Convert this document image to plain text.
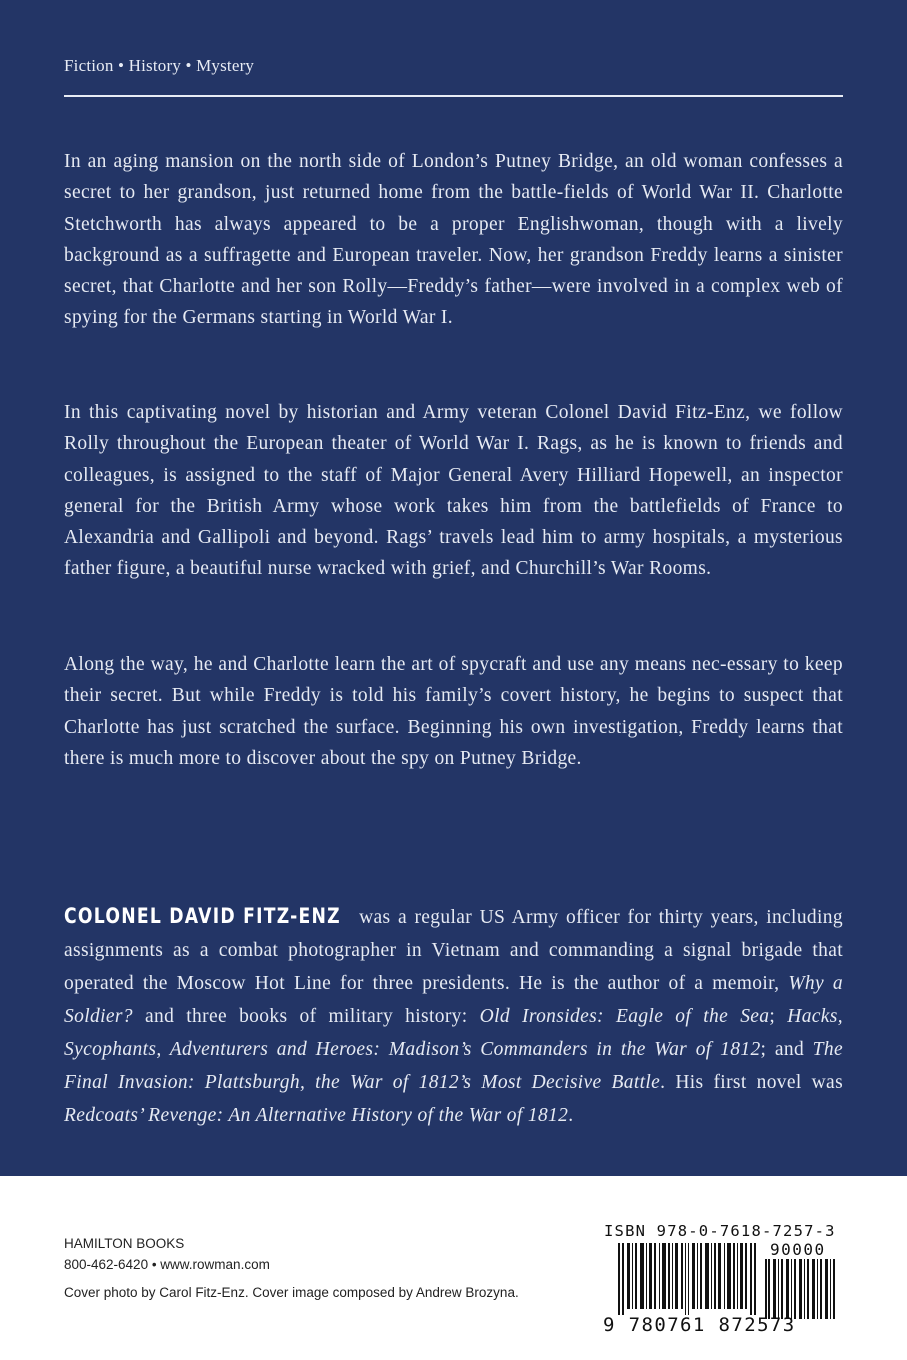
Fiction • History • Mystery

In an aging mansion on the north side of London’s Putney Bridge, an old woman confesses a secret to her grandson, just returned home from the battle-fields of World War II. Charlotte Stetchworth has always appeared to be a proper Englishwoman, though with a lively background as a suffragette and European traveler. Now, her grandson Freddy learns a sinister secret, that Charlotte and her son Rolly—Freddy’s father—were involved in a complex web of spying for the Germans starting in World War I.

In this captivating novel by historian and Army veteran Colonel David Fitz-Enz, we follow Rolly throughout the European theater of World War I. Rags, as he is known to friends and colleagues, is assigned to the staff of Major General Avery Hilliard Hopewell, an inspector general for the British Army whose work takes him from the battlefields of France to Alexandria and Gallipoli and beyond. Rags’ travels lead him to army hospitals, a mysterious father figure, a beautiful nurse wracked with grief, and Churchill’s War Rooms.

Along the way, he and Charlotte learn the art of spycraft and use any means nec-essary to keep their secret. But while Freddy is told his family’s covert history, he begins to suspect that Charlotte has just scratched the surface. Beginning his own investigation, Freddy learns that there is much more to discover about the spy on Putney Bridge.

COLONEL DAVID FITZ-ENZ was a regular US Army officer for thirty years, including assignments as a combat photographer in Vietnam and commanding a signal brigade that operated the Moscow Hot Line for three presidents. He is the author of a memoir, Why a Soldier? and three books of military history: Old Ironsides: Eagle of the Sea; Hacks, Sycophants, Adventurers and Heroes: Madison’s Commanders in the War of 1812; and The Final Invasion: Plattsburgh, the War of 1812’s Most Decisive Battle. His first novel was Redcoats’ Revenge: An Alternative History of the War of 1812.

HAMILTON BOOKS
800-462-6420 • www.rowman.com
Cover photo by Carol Fitz-Enz. Cover image composed by Andrew Brozyna.
ISBN 978-0-7618-7257-3
90000
9 780761 872573
